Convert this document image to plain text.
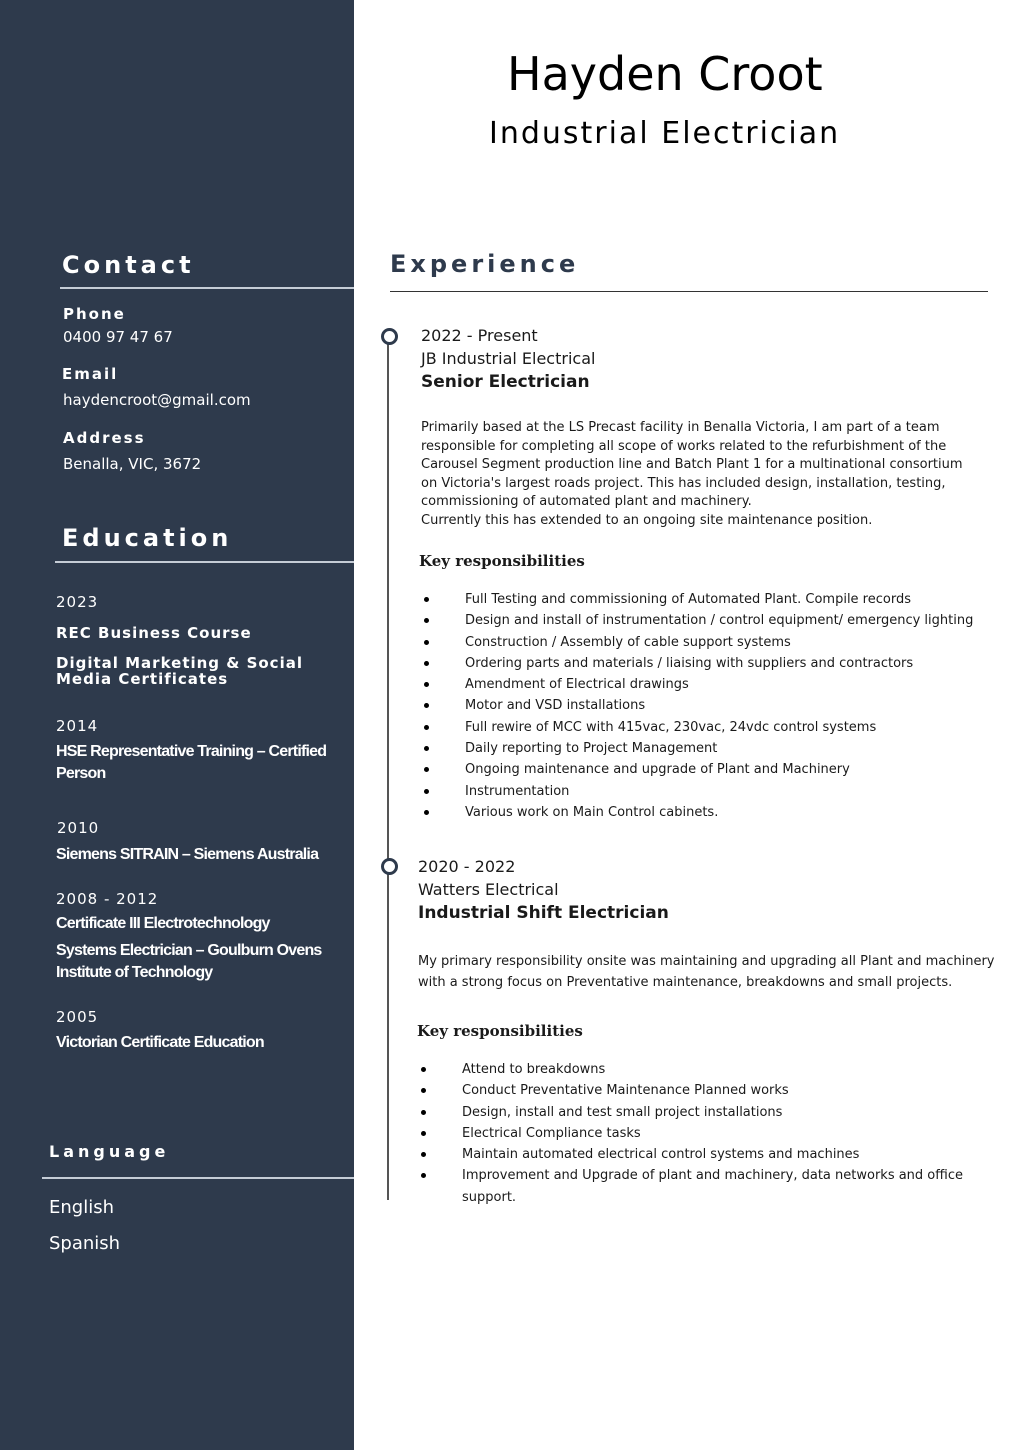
Contact
Phone
0400 97 47 67
Email
haydencroot@gmail.com
Address
Benalla, VIC, 3672
Education
2023
REC Business Course
Digital Marketing & Social
Media Certificates
2014
HSE Representative Training – Certified
Person
2010
Siemens SITRAIN – Siemens Australia
2008 - 2012
Certificate III Electrotechnology
Systems Electrician – Goulburn Ovens
Institute of Technology
2005
Victorian Certificate Education
Language
English
Spanish
Hayden Croot
Industrial Electrician
Experience
2022 - Present
JB Industrial Electrical
Senior Electrician
Primarily based at the LS Precast facility in Benalla Victoria, I am part of a team responsible for completing all scope of works related to the refurbishment of the Carousel Segment production line and Batch Plant 1 for a multinational consortium on Victoria's largest roads project. This has included design, installation, testing, commissioning of automated plant and machinery.
Currently this has extended to an ongoing site maintenance position.
Key responsibilities
Full Testing and commissioning of Automated Plant. Compile records
Design and install of instrumentation / control equipment/ emergency lighting
Construction / Assembly of cable support systems
Ordering parts and materials / liaising with suppliers and contractors
Amendment of Electrical drawings
Motor and VSD installations
Full rewire of MCC with 415vac, 230vac, 24vdc control systems
Daily reporting to Project Management
Ongoing maintenance and upgrade of Plant and Machinery
Instrumentation
Various work on Main Control cabinets.
2020 - 2022
Watters Electrical
Industrial Shift Electrician
My primary responsibility onsite was maintaining and upgrading all Plant and machinery with a strong focus on Preventative maintenance, breakdowns and small projects.
Key responsibilities
Attend to breakdowns
Conduct Preventative Maintenance Planned works
Design, install and test small project installations
Electrical Compliance tasks
Maintain automated electrical control systems and machines
Improvement and Upgrade of plant and machinery, data networks and office support.
